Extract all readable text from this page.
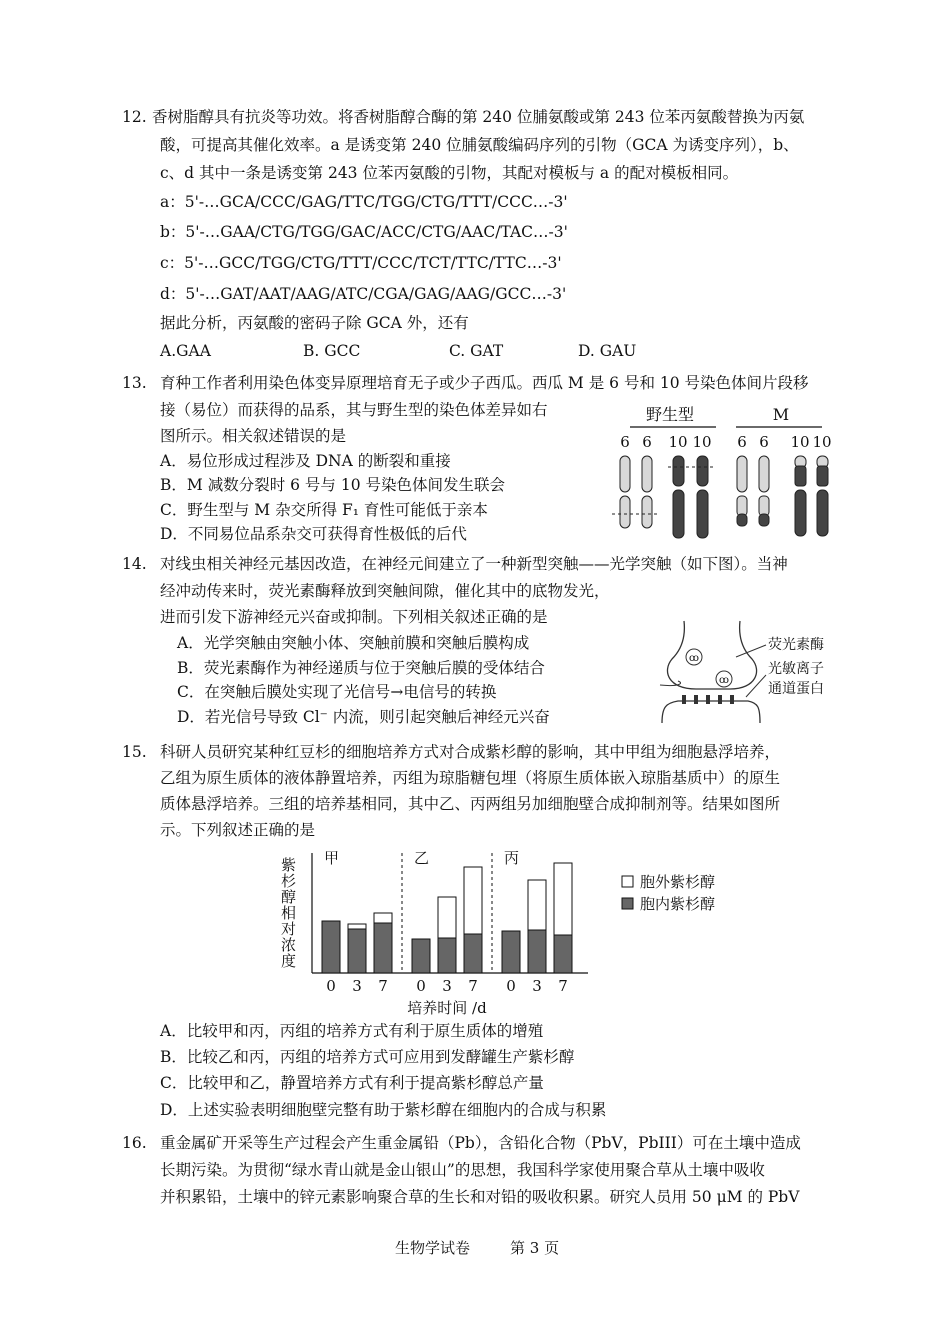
12. 香树脂醇具有抗炎等功效。将香树脂醇合酶的第 240 位脯氨酸或第 243 位苯丙氨酸替换为丙氨
酸，可提高其催化效率。a 是诱变第 240 位脯氨酸编码序列的引物（GCA 为诱变序列），b、
c、d 其中一条是诱变第 243 位苯丙氨酸的引物，其配对模板与 a 的配对模板相同。
a：5'-…GCA/CCC/GAG/TTC/TGG/CTG/TTT/CCC…-3'
b：5'-…GAA/CTG/TGG/GAC/ACC/CTG/AAC/TAC…-3'
c：5'-…GCC/TGG/CTG/TTT/CCC/TCT/TTC/TTC…-3'
d：5'-…GAT/AAT/AAG/ATC/CGA/GAG/AAG/GCC…-3'
据此分析，丙氨酸的密码子除 GCA 外，还有
A.GAA	B. GCC	C. GAT	D. GAU
13. 育种工作者利用染色体变异原理培育无子或少子西瓜。西瓜 M 是 6 号和 10 号染色体间片段移
接（易位）而获得的品系，其与野生型的染色体差异如右
图所示。相关叙述错误的是
A．易位形成过程涉及 DNA 的断裂和重接
B．M 减数分裂时 6 号与 10 号染色体间发生联会
C．野生型与 M 杂交所得 F₁ 育性可能低于亲本
D．不同易位品系杂交可获得育性极低的后代
野生型	M
6 6 10 10 6 6 10 10
14. 对线虫相关神经元基因改造，在神经元间建立了一种新型突触——光学突触（如下图）。当神
经冲动传来时，荧光素酶释放到突触间隙，催化其中的底物发光，
进而引发下游神经元兴奋或抑制。下列相关叙述正确的是
A．光学突触由突触小体、突触前膜和突触后膜构成
B．荧光素酶作为神经递质与位于突触后膜的受体结合
C．在突触后膜处实现了光信号→电信号的转换
D．若光信号导致 Cl⁻ 内流，则引起突触后神经元兴奋
ꝏ
ꝏ
荧光素酶
光敏离子
通道蛋白
15. 科研人员研究某种红豆杉的细胞培养方式对合成紫杉醇的影响，其中甲组为细胞悬浮培养，
乙组为原生质体的液体静置培养，丙组为琼脂糖包埋（将原生质体嵌入琼脂基质中）的原生
质体悬浮培养。三组的培养基相同，其中乙、丙两组另加细胞壁合成抑制剂等。结果如图所
示。下列叙述正确的是
紫杉醇相对浓度 甲
0 3 7
乙
0 3 7
丙
0 3 7
培养时间 /d
胞外紫杉醇
胞内紫杉醇
A．比较甲和丙，丙组的培养方式有利于原生质体的增殖
B．比较乙和丙，丙组的培养方式可应用到发酵罐生产紫杉醇
C．比较甲和乙，静置培养方式有利于提高紫杉醇总产量
D．上述实验表明细胞壁完整有助于紫杉醇在细胞内的合成与积累
16. 重金属矿开采等生产过程会产生重金属铅（Pb），含铅化合物（PbV，PbIII）可在土壤中造成
长期污染。为贯彻“绿水青山就是金山银山”的思想，我国科学家使用聚合草从土壤中吸收
并积累铅，土壤中的锌元素影响聚合草的生长和对铅的吸收积累。研究人员用 50 μM 的 PbV
生物学试卷	第 3 页
